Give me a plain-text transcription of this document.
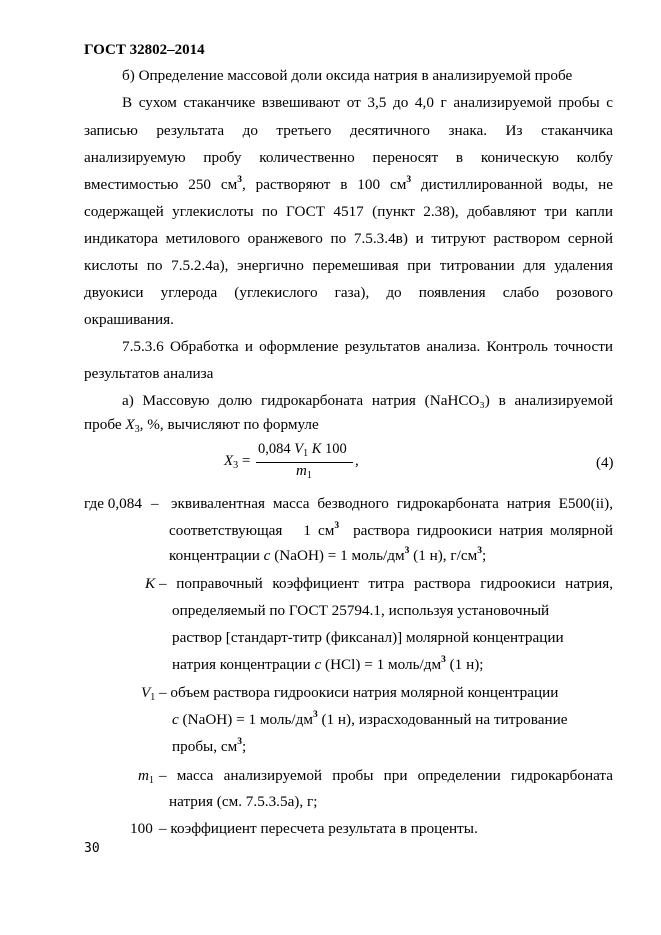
ГОСТ 32802–2014
б) Определение массовой доли оксида натрия в анализируемой пробе
В сухом стаканчике взвешивают от 3,5 до 4,0 г анализируемой пробы с
записью результата до третьего десятичного знака. Из стаканчика
анализируемую пробу количественно переносят в коническую колбу
вместимостью 250 $см^3$, растворяют в 100 $см^3$ дистиллированной воды, не
содержащей углекислоты по ГОСТ 4517 (пункт 2.38), добавляют три капли
индикатора метилового оранжевого по 7.5.3.4в) и титруют раствором серной
кислоты по 7.5.2.4а), энергично перемешивая при титровании для удаления
двуокиси углерода (углекислого газа), до появления слабо розового
окрашивания.
7.5.3.6 Обработка и оформление результатов анализа. Контроль точности
результатов анализа
а) Массовую долю гидрокарбоната натрия (NaHCO₃) в анализируемой
пробе $X_3$, %, вычисляют по формуле
$X_3$ =
0,084 $V_1$ K 100
$m_1$
,	(4)
где 0,084 – эквивалентная масса безводного гидрокарбоната натрия Е500(ii),
соответствующая 1 $см^3$ раствора гидроокиси натрия молярной
концентрации c (NaOH) = 1 моль/$дм^3$ (1 н), $г/см^3$;
K – поправочный коэффициент титра раствора гидроокиси натрия,
определяемый по ГОСТ 25794.1, используя установочный
раствор [стандарт-титр (фиксанал)] молярной концентрации
натрия концентрации c (HCl) = 1 моль/$дм^3$ (1 н);
$V_1$ – объем раствора гидроокиси натрия молярной концентрации
c (NaOH) = 1 моль/$дм^3$ (1 н), израсходованный на титрование
пробы, $см^3$;
$m_1$ – масса анализируемой пробы при определении гидрокарбоната
натрия (см. 7.5.3.5а), г;
100 – коэффициент пересчета результата в проценты.
30
